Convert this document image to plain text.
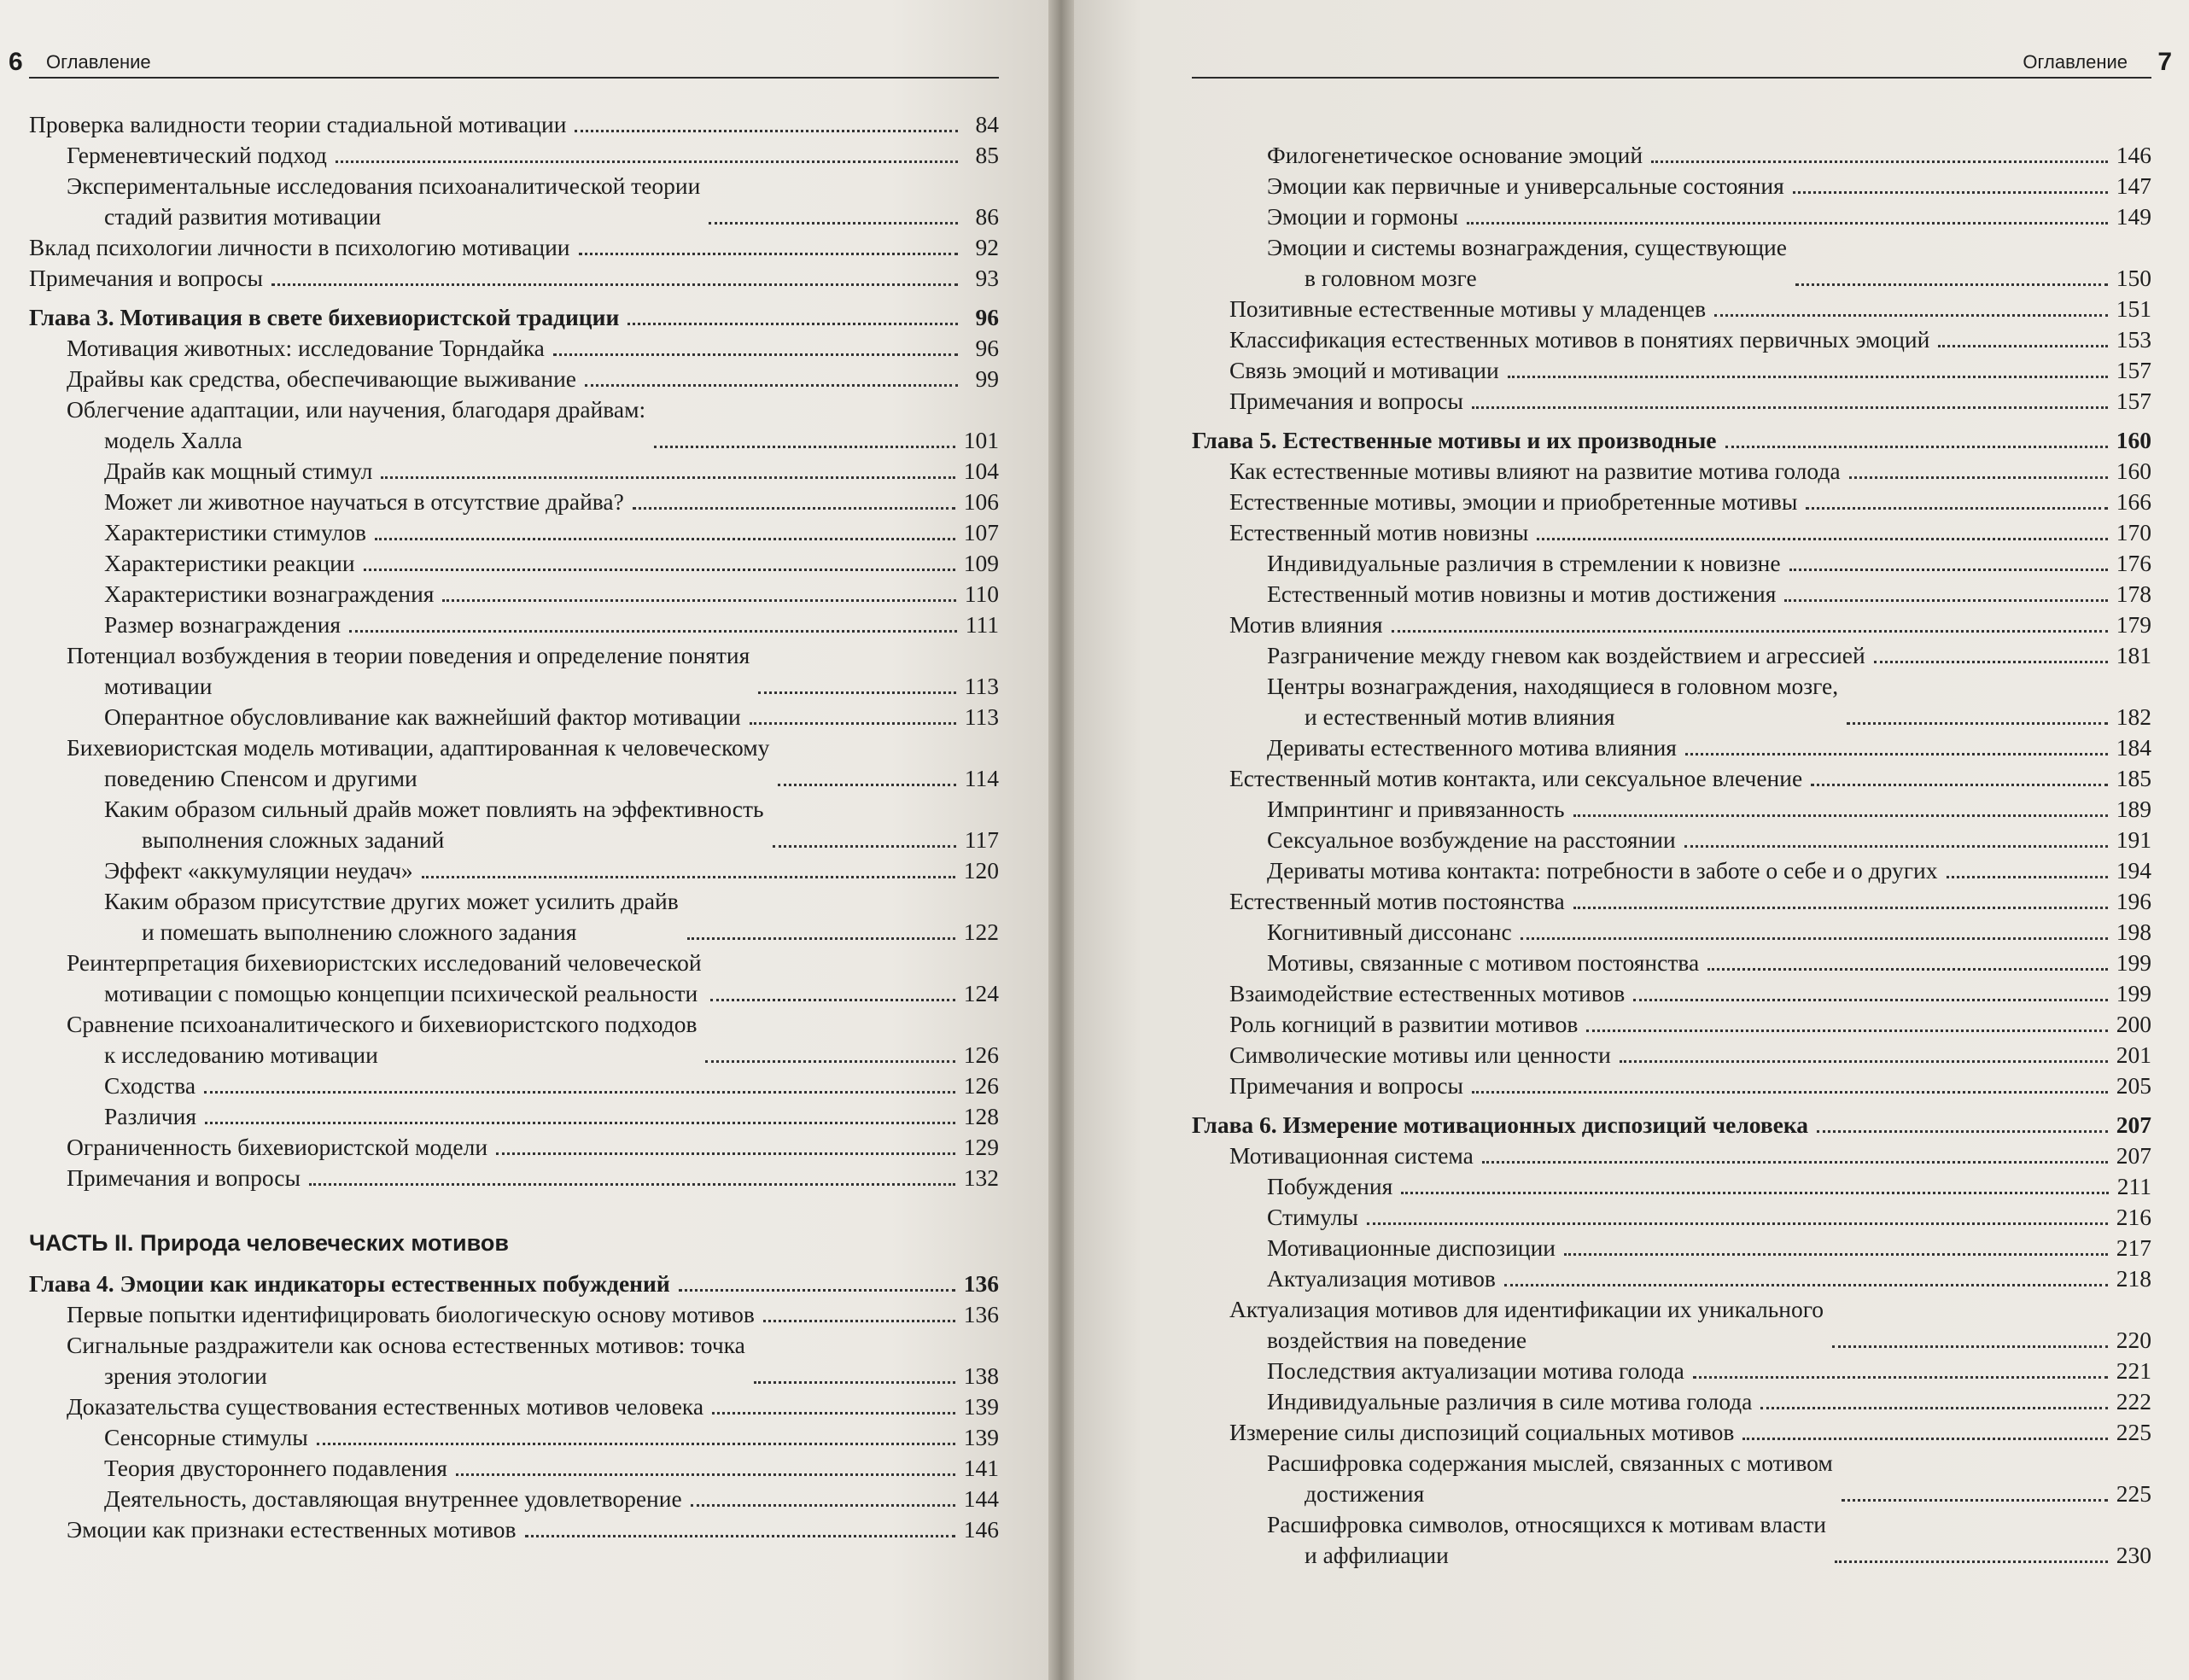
6 Оглавление
Проверка валидности теории стадиальной мотивации	84
Герменевтический подход	85
Экспериментальные исследования психоаналитической теории
стадий развития мотивации	86
Вклад психологии личности в психологию мотивации	92
Примечания и вопросы	93
Глава 3. Мотивация в свете бихевиористской традиции	96
Мотивация животных: исследование Торндайка	96
Драйвы как средства, обеспечивающие выживание	99
Облегчение адаптации, или научения, благодаря драйвам:
модель Халла	101
Драйв как мощный стимул	104
Может ли животное научаться в отсутствие драйва?	106
Характеристики стимулов	107
Характеристики реакции	109
Характеристики вознаграждения	110
Размер вознаграждения	111
Потенциал возбуждения в теории поведения и определение понятия
мотивации	113
Оперантное обусловливание как важнейший фактор мотивации	113
Бихевиористская модель мотивации, адаптированная к человеческому
поведению Спенсом и другими	114
Каким образом сильный драйв может повлиять на эффективность
выполнения сложных заданий	117
Эффект «аккумуляции неудач»	120
Каким образом присутствие других может усилить драйв
и помешать выполнению сложного задания	122
Реинтерпретация бихевиористских исследований человеческой
мотивации с помощью концепции психической реальности	124
Сравнение психоаналитического и бихевиористского подходов
к исследованию мотивации	126
Сходства	126
Различия	128
Ограниченность бихевиористской модели	129
Примечания и вопросы	132
ЧАСТЬ II. Природа человеческих мотивов
Глава 4. Эмоции как индикаторы естественных побуждений	136
Первые попытки идентифицировать биологическую основу мотивов	136
Сигнальные раздражители как основа естественных мотивов: точка
зрения этологии	138
Доказательства существования естественных мотивов человека	139
Сенсорные стимулы	139
Теория двустороннего подавления	141
Деятельность, доставляющая внутреннее удовлетворение	144
Эмоции как признаки естественных мотивов	146
Оглавление 7
Филогенетическое основание эмоций	146
Эмоции как первичные и универсальные состояния	147
Эмоции и гормоны	149
Эмоции и системы вознаграждения, существующие
в головном мозге	150
Позитивные естественные мотивы у младенцев	151
Классификация естественных мотивов в понятиях первичных эмоций	153
Связь эмоций и мотивации	157
Примечания и вопросы	157
Глава 5. Естественные мотивы и их производные	160
Как естественные мотивы влияют на развитие мотива голода	160
Естественные мотивы, эмоции и приобретенные мотивы	166
Естественный мотив новизны	170
Индивидуальные различия в стремлении к новизне	176
Естественный мотив новизны и мотив достижения	178
Мотив влияния	179
Разграничение между гневом как воздействием и агрессией	181
Центры вознаграждения, находящиеся в головном мозге,
и естественный мотив влияния	182
Дериваты естественного мотива влияния	184
Естественный мотив контакта, или сексуальное влечение	185
Импринтинг и привязанность	189
Сексуальное возбуждение на расстоянии	191
Дериваты мотива контакта: потребности в заботе о себе и о других	194
Естественный мотив постоянства	196
Когнитивный диссонанс	198
Мотивы, связанные с мотивом постоянства	199
Взаимодействие естественных мотивов	199
Роль когниций в развитии мотивов	200
Символические мотивы или ценности	201
Примечания и вопросы	205
Глава 6. Измерение мотивационных диспозиций человека	207
Мотивационная система	207
Побуждения	211
Стимулы	216
Мотивационные диспозиции	217
Актуализация мотивов	218
Актуализация мотивов для идентификации их уникального
воздействия на поведение	220
Последствия актуализации мотива голода	221
Индивидуальные различия в силе мотива голода	222
Измерение силы диспозиций социальных мотивов	225
Расшифровка содержания мыслей, связанных с мотивом
достижения	225
Расшифровка символов, относящихся к мотивам власти
и аффилиации	230
